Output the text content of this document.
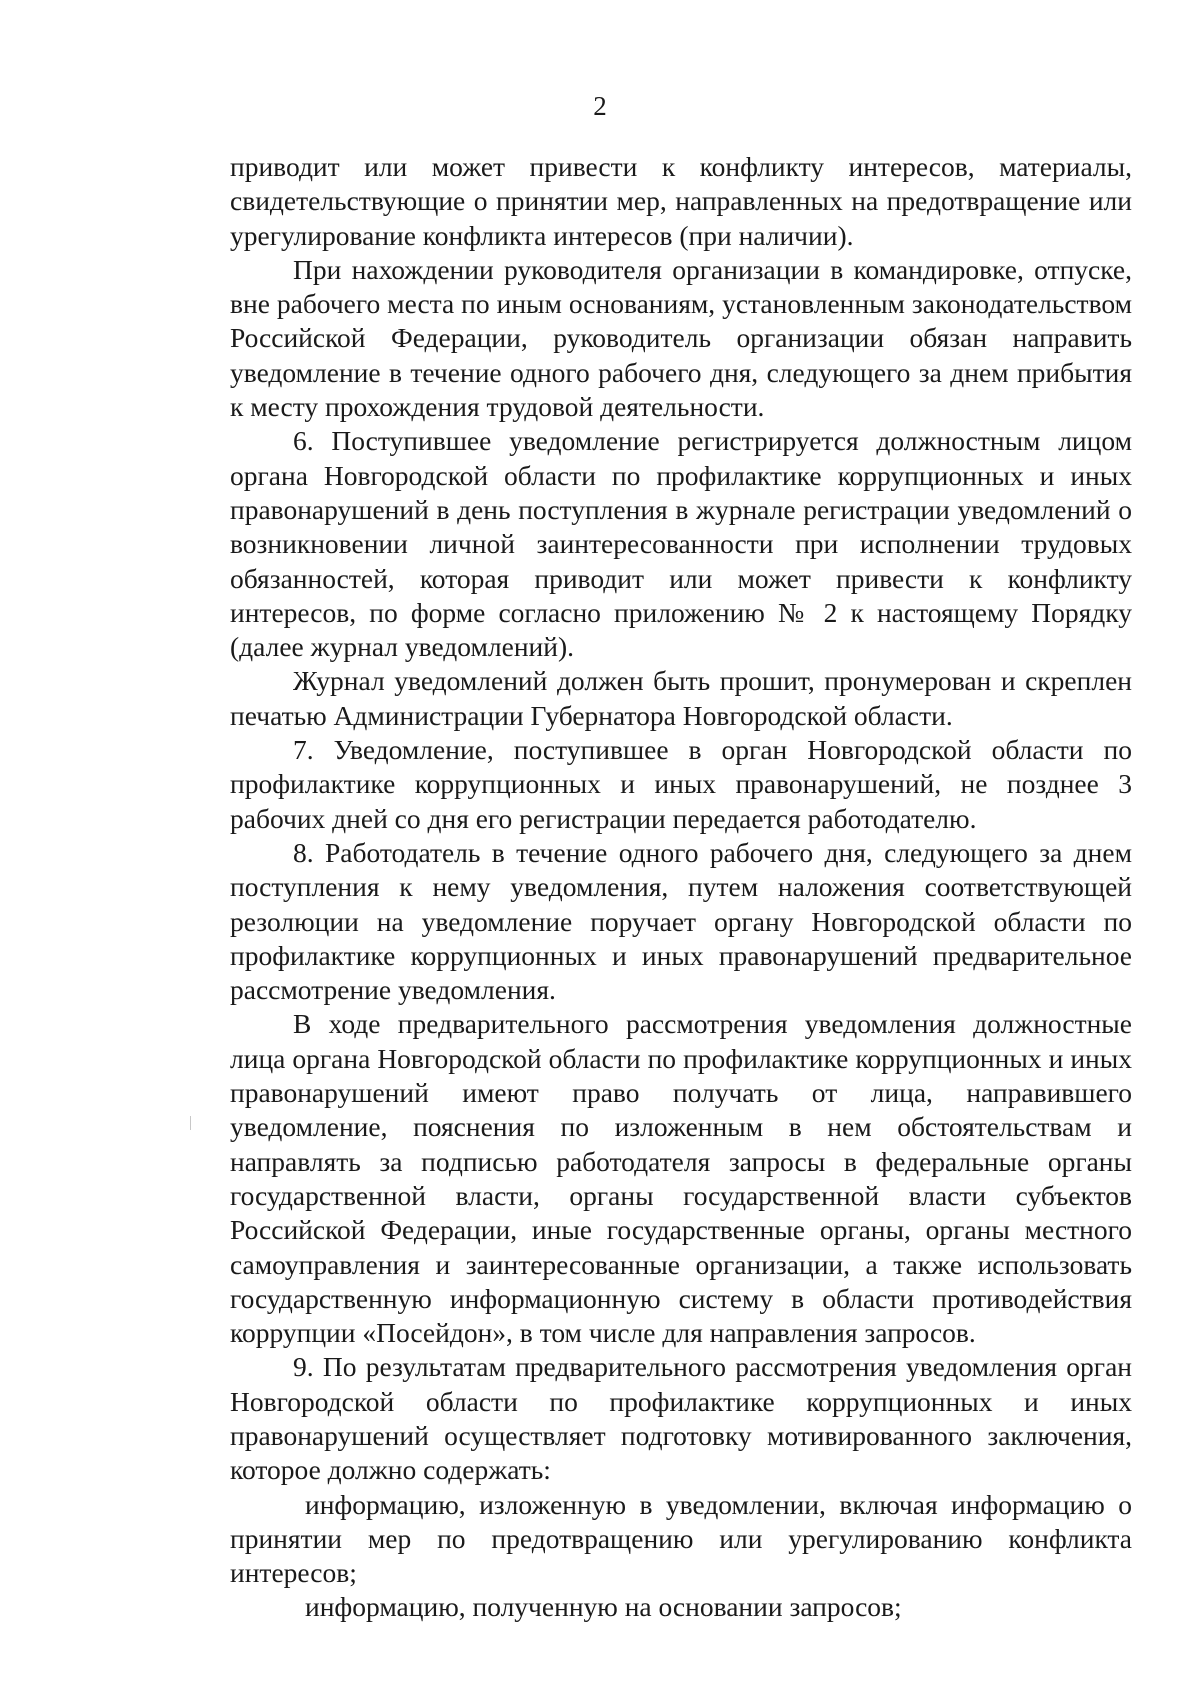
2

приводит или может привести к конфликту интересов, материалы, свидетельствующие о принятии мер, направленных на предотвращение или урегулирование конфликта интересов (при наличии).

При нахождении руководителя организации в командировке, отпуске, вне рабочего места по иным основаниям, установленным законодательством Российской Федерации, руководитель организации обязан направить уведомление в течение одного рабочего дня, следующего за днем прибытия к месту прохождения трудовой деятельности.

6. Поступившее уведомление регистрируется должностным лицом органа Новгородской области по профилактике коррупционных и иных правонарушений в день поступления в журнале регистрации уведомлений о возникновении личной заинтересованности при исполнении трудовых обязанностей, которая приводит или может привести к конфликту интересов, по форме согласно приложению № 2 к настоящему Порядку (далее журнал уведомлений).

Журнал уведомлений должен быть прошит, пронумерован и скреплен печатью Администрации Губернатора Новгородской области.

7. Уведомление, поступившее в орган Новгородской области по профилактике коррупционных и иных правонарушений, не позднее 3 рабочих дней со дня его регистрации передается работодателю.

8. Работодатель в течение одного рабочего дня, следующего за днем поступления к нему уведомления, путем наложения соответствующей резолюции на уведомление поручает органу Новгородской области по профилактике коррупционных и иных правонарушений предварительное рассмотрение уведомления.

В ходе предварительного рассмотрения уведомления должностные лица органа Новгородской области по профилактике коррупционных и иных правонарушений имеют право получать от лица, направившего уведомление, пояснения по изложенным в нем обстоятельствам и направлять за подписью работодателя запросы в федеральные органы государственной власти, органы государственной власти субъектов Российской Федерации, иные государственные органы, органы местного самоуправления и заинтересованные организации, а также использовать государственную информационную систему в области противодействия коррупции «Посейдон», в том числе для направления запросов.

9. По результатам предварительного рассмотрения уведомления орган Новгородской области по профилактике коррупционных и иных правонарушений осуществляет подготовку мотивированного заключения, которое должно содержать:

информацию, изложенную в уведомлении, включая информацию о принятии мер по предотвращению или урегулированию конфликта интересов;

информацию, полученную на основании запросов;
